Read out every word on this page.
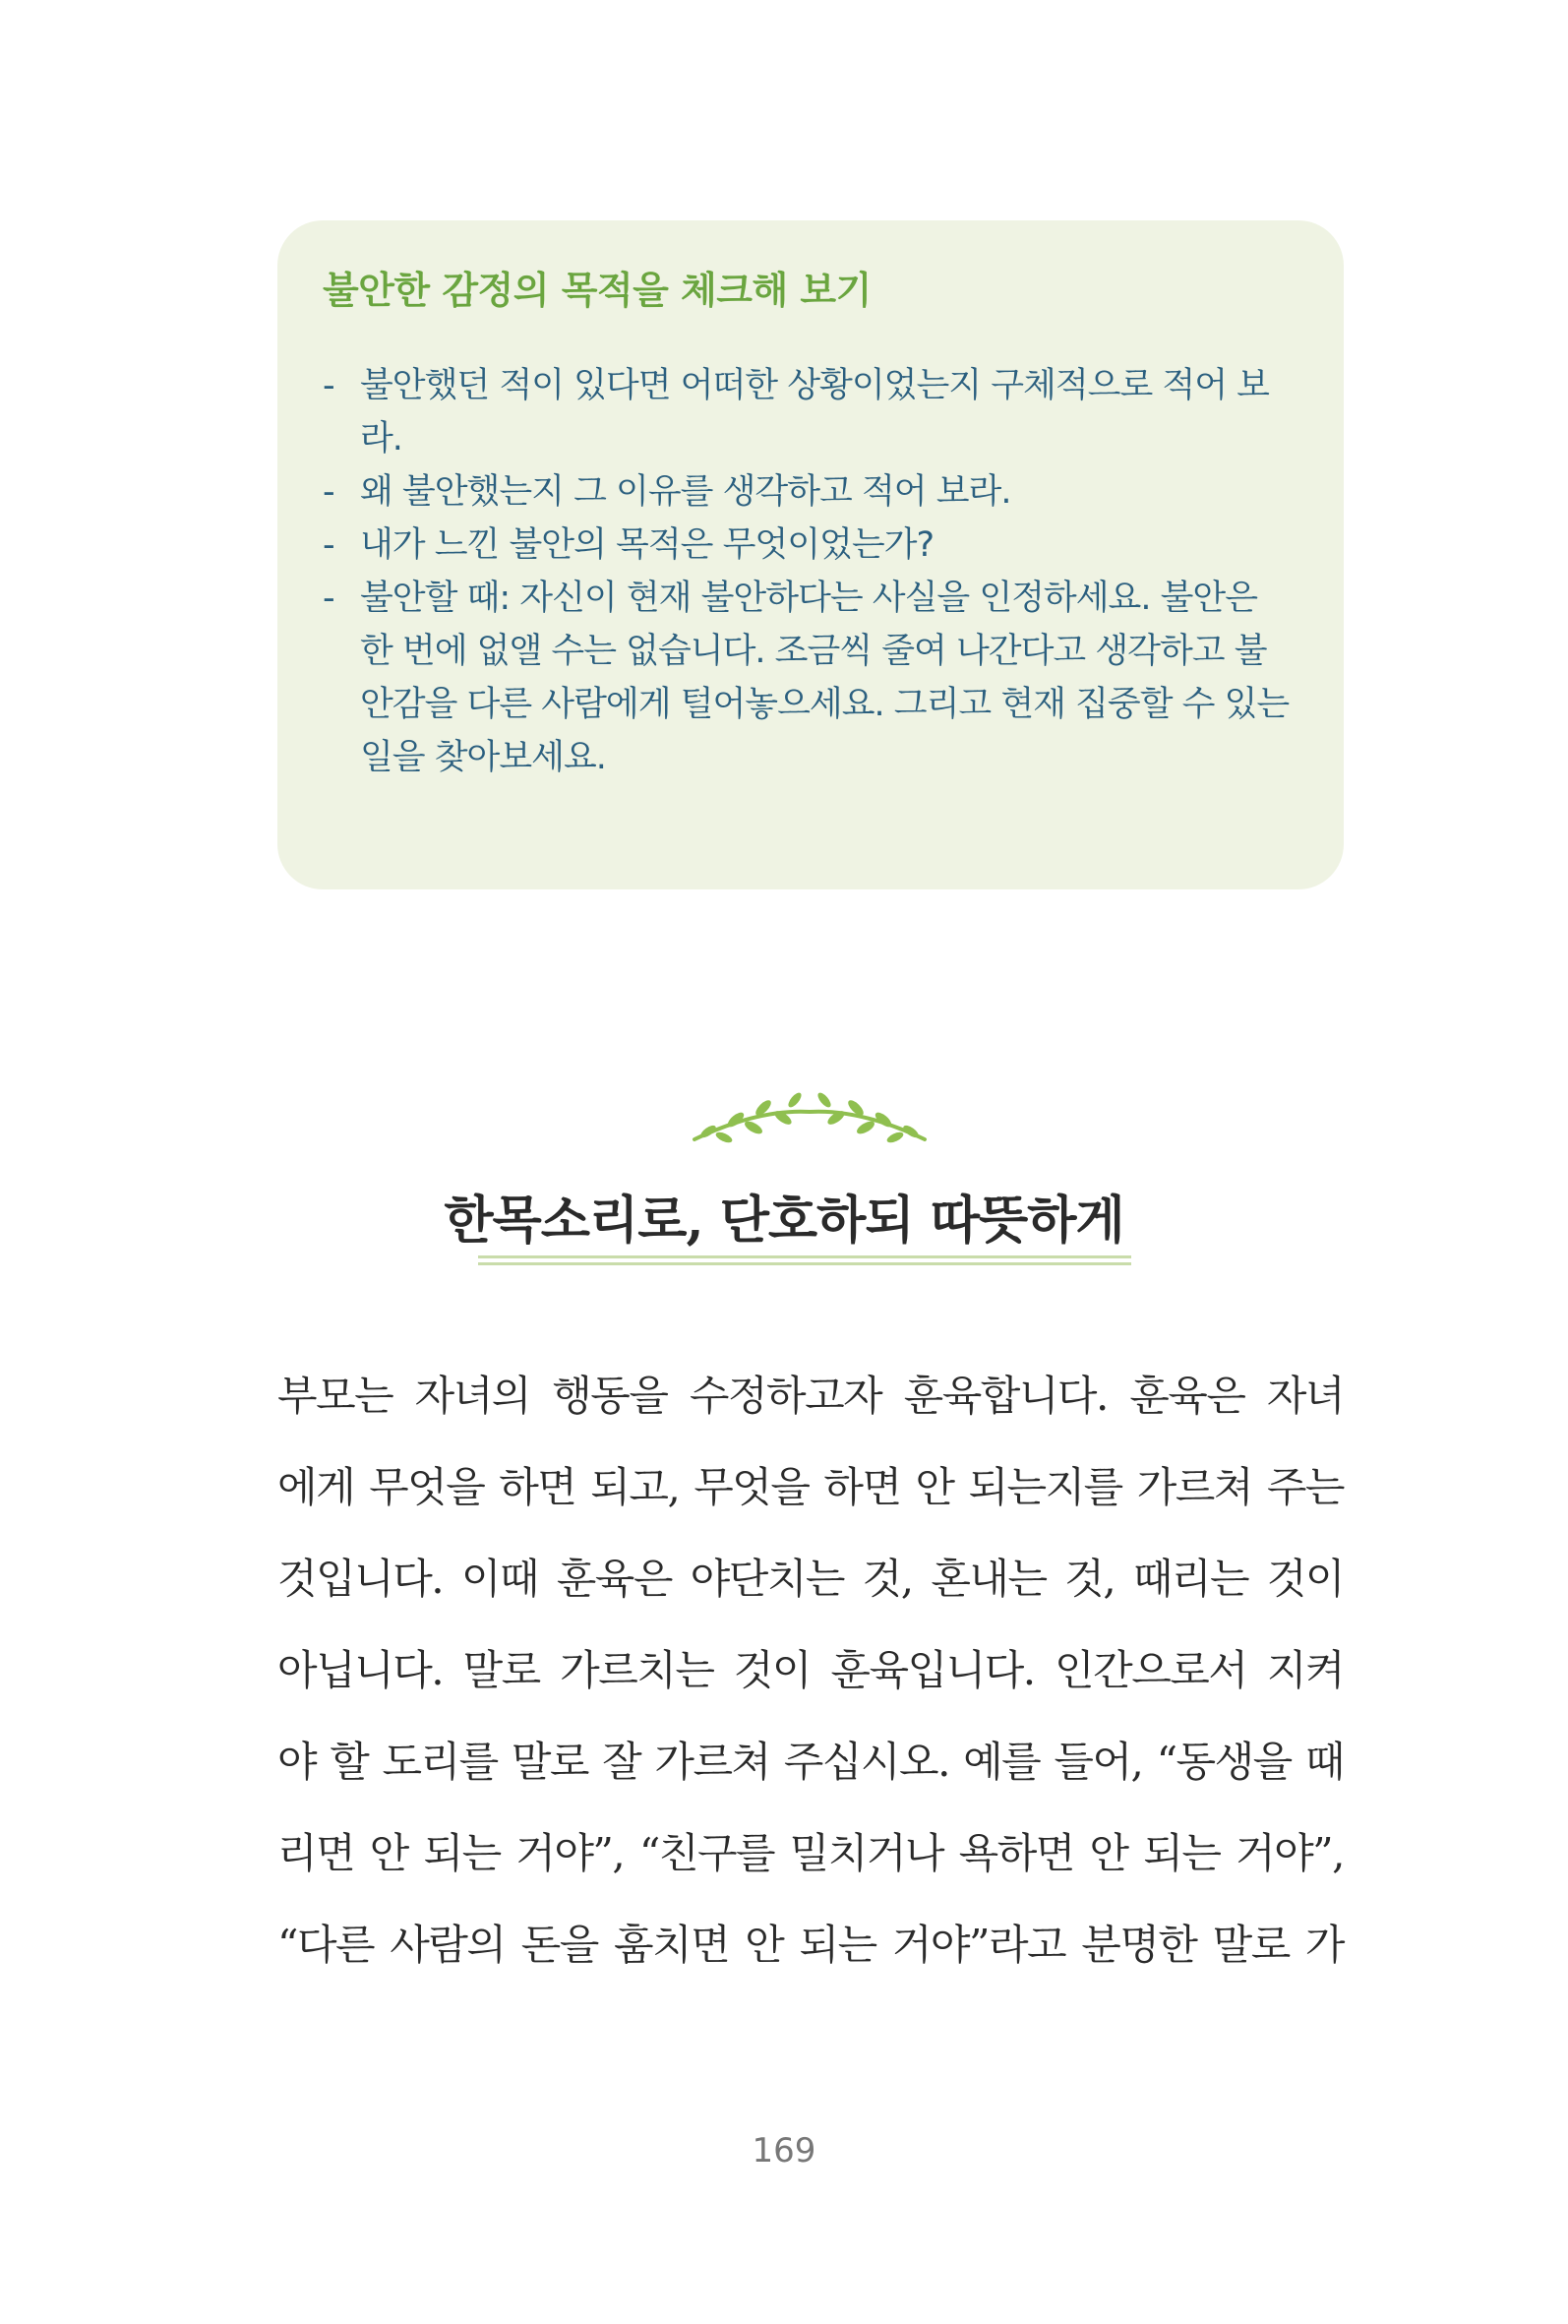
불안한 감정의 목적을 체크해 보기
- 불안했던 적이 있다면 어떠한 상황이었는지 구체적으로 적어 보라.
- 왜 불안했는지 그 이유를 생각하고 적어 보라.
- 내가 느낀 불안의 목적은 무엇이었는가?
- 불안할 때: 자신이 현재 불안하다는 사실을 인정하세요. 불안은 한 번에 없앨 수는 없습니다. 조금씩 줄여 나간다고 생각하고 불안감을 다른 사람에게 털어놓으세요. 그리고 현재 집중할 수 있는 일을 찾아보세요.
한목소리로, 단호하되 따뜻하게
부모는 자녀의 행동을 수정하고자 훈육합니다. 훈육은 자녀
에게 무엇을 하면 되고, 무엇을 하면 안 되는지를 가르쳐 주는
것입니다. 이때 훈육은 야단치는 것, 혼내는 것, 때리는 것이
아닙니다. 말로 가르치는 것이 훈육입니다. 인간으로서 지켜
야 할 도리를 말로 잘 가르쳐 주십시오. 예를 들어, “동생을 때
리면 안 되는 거야”, “친구를 밀치거나 욕하면 안 되는 거야”,
“다른 사람의 돈을 훔치면 안 되는 거야”라고 분명한 말로 가
169
